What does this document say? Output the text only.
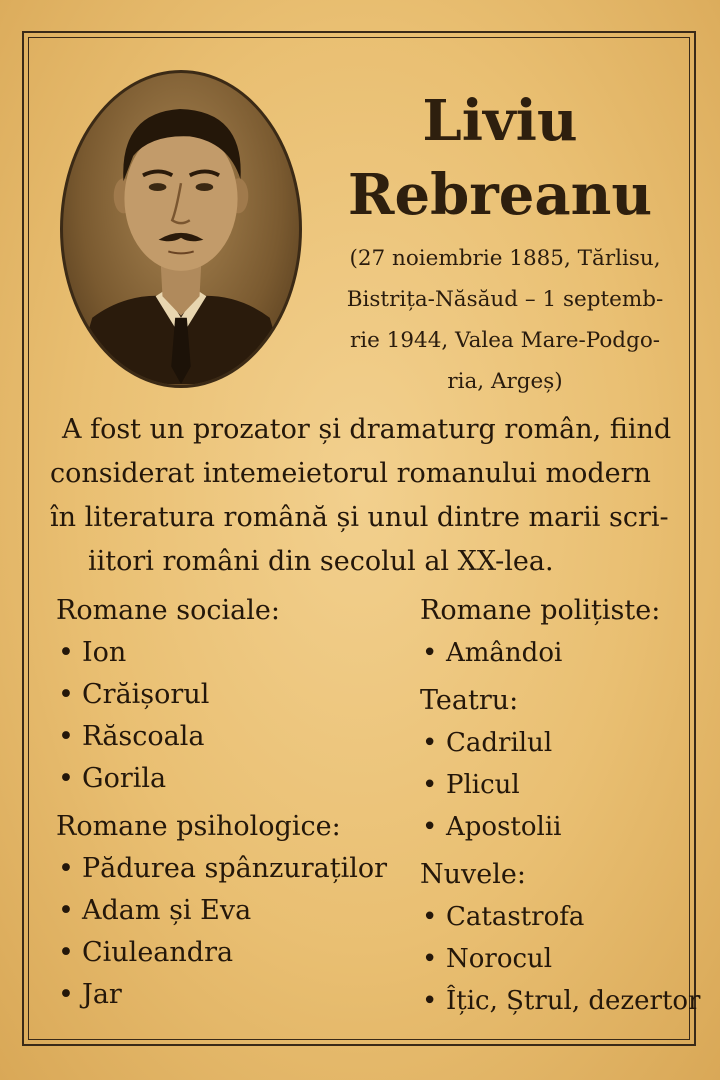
Liviu
Rebreanu
(27 noiembrie 1885, Tărlisu,
Bistrița-Năsăud – 1 septemb-
rie 1944, Valea Mare-Podgo-
ria, Argeș)
A fost un prozator și dramaturg român, fiind
considerat intemeietorul romanului modern
în literatura română și unul dintre marii scri-
iitori români din secolul al XX-lea.
Romane sociale:
• Ion
• Crăișorul
• Răscoala
• Gorila
Romane psihologice:
• Pădurea spânzuraților
• Adam și Eva
• Ciuleandra
• Jar
Romane polițiste:
• Amândoi
Teatru:
• Cadrilul
• Plicul
• Apostolii
Nuvele:
• Catastrofa
• Norocul
• Îțic, Ștrul, dezertor
